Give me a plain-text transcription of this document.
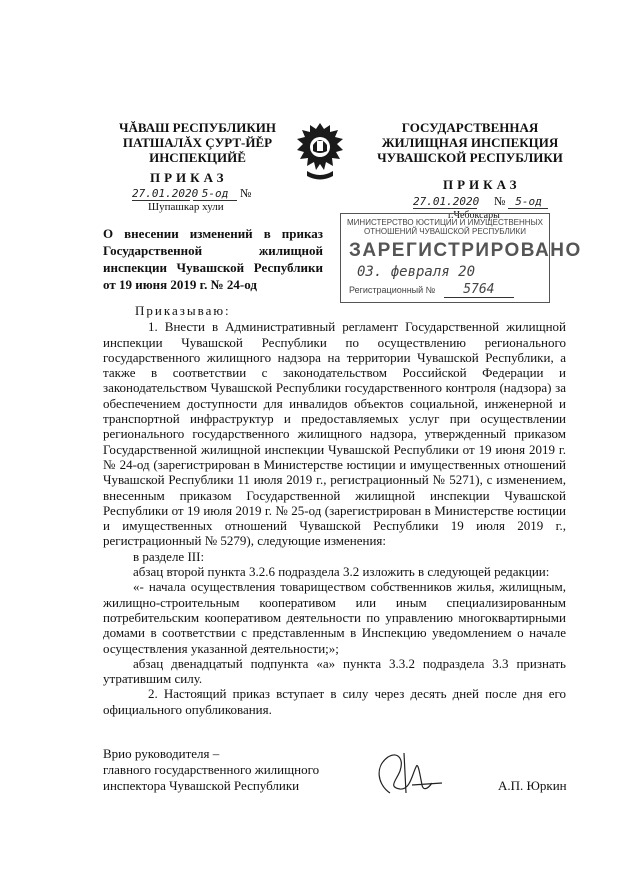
ЧĂВАШ РЕСПУБЛИКИН
ПАТШАЛĂХ ÇУРТ-ЙĚР
ИНСПЕКЦИЙĚ
ГОСУДАРСТВЕННАЯ
ЖИЛИЩНАЯ ИНСПЕКЦИЯ
ЧУВАШСКОЙ РЕСПУБЛИКИ
ПРИКАЗ
27.01.2020 5-од №
Шупашкар хули
ПРИКАЗ
27.01.2020 № 5-од
г.Чебоксары
МИНИСТЕРСТВО ЮСТИЦИИ И ИМУЩЕСТВЕННЫХ ОТНОШЕНИЙ ЧУВАШСКОЙ РЕСПУБЛИКИ
ЗАРЕГИСТРИРОВАНО
03. февраля 20
Регистрационный № 5764
О внесении изменений в приказ Государственной жилищной инспекции Чувашской Республики от 19 июня 2019 г. № 24-од

Приказываю:

1. Внести в Административный регламент Государственной жилищной инспекции Чувашской Республики по осуществлению регионального государственного жилищного надзора на территории Чувашской Республики, а также в соответствии с законодательством Российской Федерации и законодательством Чувашской Республики государственного контроля (надзора) за обеспечением доступности для инвалидов объектов социальной, инженерной и транспортной инфраструктур и предоставляемых услуг при осуществлении регионального государственного жилищного надзора, утвержденный приказом Государственной жилищной инспекции Чувашской Республики от 19 июня 2019 г. № 24-од (зарегистрирован в Министерстве юстиции и имущественных отношений Чувашской Республики 11 июля 2019 г., регистрационный № 5271), с изменением, внесенным приказом Государственной жилищной инспекции Чувашской Республики от 19 июля 2019 г. № 25-од (зарегистрирован в Министерстве юстиции и имущественных отношений Чувашской Республики 19 июля 2019 г., регистрационный № 5279), следующие изменения:

в разделе III:

абзац второй пункта 3.2.6 подраздела 3.2 изложить в следующей редакции:

«- начала осуществления товариществом собственников жилья, жилищным, жилищно-строительным кооперативом или иным специализированным потребительским кооперативом деятельности по управлению многоквартирными домами в соответствии с представленным в Инспекцию уведомлением о начале осуществления указанной деятельности;»;

абзац двенадцатый подпункта «а» пункта 3.3.2 подраздела 3.3 признать утратившим силу.

2. Настоящий приказ вступает в силу через десять дней после дня его официального опубликования.

Врио руководителя –
главного государственного жилищного
инспектора Чувашской Республики	А.П. Юркин
